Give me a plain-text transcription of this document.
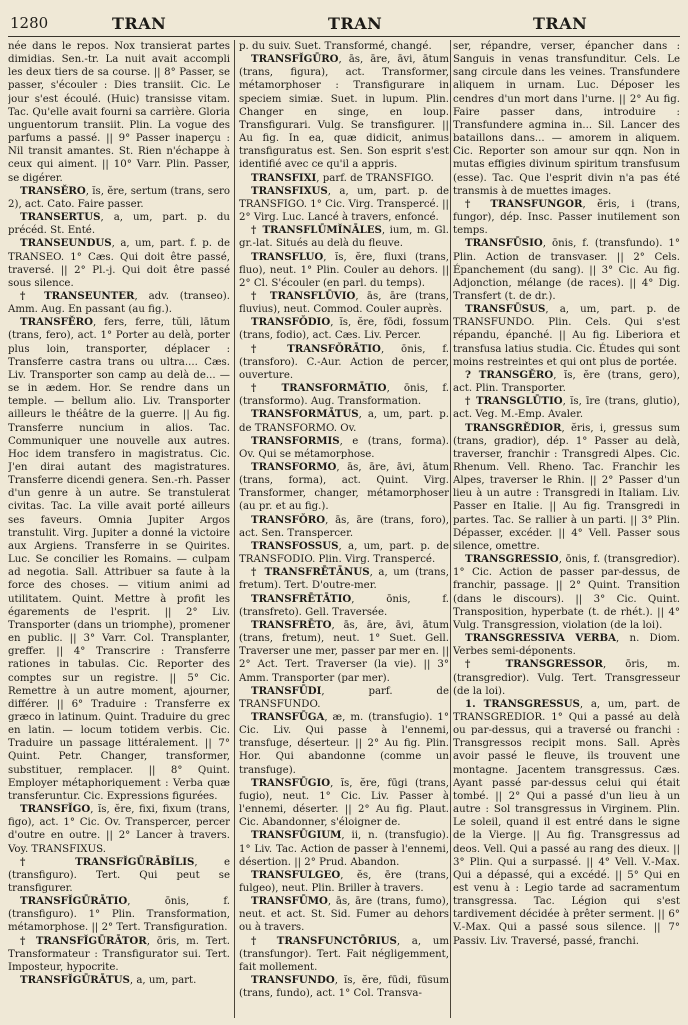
1280	TRAN	TRAN	TRAN

née dans le repos. Nox transierat partes dimidias. Sen.-tr. La nuit avait accompli les deux tiers de sa course. || 8° Passer, se passer, s'écouler : Dies transiit. Cic. Le jour s'est écoulé. (Huic) transisse vitam. Tac. Qu'elle avait fourni sa carrière. Gloria unguentorum transiit. Plin. La vogue des parfums a passé. || 9° Passer inaperçu : Nil transit amantes. St. Rien n'échappe à ceux qui aiment. || 10° Varr. Plin. Passer, se digérer.

TRANSĔRO, ĭs, ĕre, sertum (trans, sero 2), act. Cato. Faire passer.

TRANSERTUS, a, um, part. p. du précéd. St. Enté.

TRANSEUNDUS, a, um, part. f. p. de TRANSEO. 1° Cæs. Qui doit être passé, traversé. || 2° Pl.-j. Qui doit être passé sous silence.

† TRANSEUNTER, adv. (transeo). Amm. Aug. En passant (au fig.).

TRANSFĔRO, fers, ferre, tŭli, lātum (trans, fero), act. 1° Porter au delà, porter plus loin, transporter, déplacer : Transferre castra trans ou ultra.... Cæs. Liv. Transporter son camp au delà de... — se in ædem. Hor. Se rendre dans un temple. — bellum alio. Liv. Transporter ailleurs le théâtre de la guerre. || Au fig. Transferre nuncium in alios. Tac. Communiquer une nouvelle aux autres. Hoc idem transfero in magistratus. Cic. J'en dirai autant des magistratures. Transferre dicendi genera. Sen.-rh. Passer d'un genre à un autre. Se transtulerat civitas. Tac. La ville avait porté ailleurs ses faveurs. Omnia Jupiter Argos transtulit. Virg. Jupiter a donné la victoire aux Argiens. Transferre in se Quirites. Luc. Se concilier les Romains. — culpam ad negotia. Sall. Attribuer sa faute à la force des choses. — vitium animi ad utilitatem. Quint. Mettre à profit les égarements de l'esprit. || 2° Liv. Transporter (dans un triomphe), promener en public. || 3° Varr. Col. Transplanter, greffer. || 4° Transcrire : Transferre rationes in tabulas. Cic. Reporter des comptes sur un registre. || 5° Cic. Remettre à un autre moment, ajourner, différer. || 6° Traduire : Transferre ex græco in latinum. Quint. Traduire du grec en latin. — locum totidem verbis. Cic. Traduire un passage littéralement. || 7° Quint. Petr. Changer, transformer, substituer, remplacer. || 8° Quint. Employer métaphoriquement : Verba quæ transferuntur. Cic. Expressions figurées.

TRANSFĬGO, ĭs, ĕre, fixi, fixum (trans, figo), act. 1° Cic. Ov. Transpercer, percer d'outre en outre. || 2° Lancer à travers. Voy. TRANSFIXUS.

† TRANSFĬGŪRĀBĬLIS, e (transfiguro). Tert. Qui peut se transfigurer.

TRANSFĬGŪRĀTIO, ōnis, f. (transfiguro). 1° Plin. Transformation, métamorphose. || 2° Tert. Transfiguration.

† TRANSFĬGŪRĀTOR, ōris, m. Tert. Transformateur : Transfigurator sui. Tert. Imposteur, hypocrite.

TRANSFĬGŪRĀTUS, a, um, part.

p. du suiv. Suet. Transformé, changé.

TRANSFĬGŪRO, ās, āre, āvi, ātum (trans, figura), act. Transformer, métamorphoser : Transfigurare in speciem simiæ. Suet. in lupum. Plin. Changer en singe, en loup. Transfigurari. Vulg. Se transfigurer. || Au fig. In ea, quæ didicit, animus transfiguratus est. Sen. Son esprit s'est identifié avec ce qu'il a appris.

TRANSFIXI, parf. de TRANSFIGO.

TRANSFIXUS, a, um, part. p. de TRANSFIGO. 1° Cic. Virg. Transpercé. || 2° Virg. Luc. Lancé à travers, enfoncé.

† TRANSFLŪMĬNĀLES, ium, m. Gl. gr.-lat. Situés au delà du fleuve.

TRANSFLUO, ĭs, ĕre, fluxi (trans, fluo), neut. 1° Plin. Couler au dehors. || 2° Cl. S'écouler (en parl. du temps).

† TRANSFLŪVIO, ās, āre (trans, fluvius), neut. Commod. Couler auprès.

TRANSFŎDIO, ĭs, ĕre, fōdi, fossum (trans, fodio), act. Cæs. Liv. Percer.

† TRANSFŎRĀTIO, ōnis, f. (transforo). C.-Aur. Action de percer, ouverture.

† TRANSFORMĀTIO, ōnis, f. (transformo). Aug. Transformation.

TRANSFORMĀTUS, a, um, part. p. de TRANSFORMO. Ov.

TRANSFORMIS, e (trans, forma). Ov. Qui se métamorphose.

TRANSFORMO, ās, āre, āvi, ātum (trans, forma), act. Quint. Virg. Transformer, changer, métamorphoser (au pr. et au fig.).

TRANSFŎRO, ās, āre (trans, foro), act. Sen. Transpercer.

TRANSFOSSUS, a, um, part. p. de TRANSFODIO. Plin. Virg. Transpercé.

† TRANSFRĒTĀNUS, a, um (trans, fretum). Tert. D'outre-mer.

TRANSFRĒTĀTIO, ōnis, f. (transfreto). Gell. Traversée.

TRANSFRĒTO, ās, āre, āvi, ātum (trans, fretum), neut. 1° Suet. Gell. Traverser une mer, passer par mer en. || 2° Act. Tert. Traverser (la vie). || 3° Amm. Transporter (par mer).

TRANSFŪDI, parf. de TRANSFUNDO.

TRANSFŪGA, æ, m. (transfugio). 1° Cic. Liv. Qui passe à l'ennemi, transfuge, déserteur. || 2° Au fig. Plin. Hor. Qui abandonne (comme un transfuge).

TRANSFŪGIO, ĭs, ĕre, fūgi (trans, fugio), neut. 1° Cic. Liv. Passer à l'ennemi, déserter. || 2° Au fig. Plaut. Cic. Abandonner, s'éloigner de.

TRANSFŪGIUM, ii, n. (transfugio). 1° Liv. Tac. Action de passer à l'ennemi, désertion. || 2° Prud. Abandon.

TRANSFULGEO, ĕs, ēre (trans, fulgeo), neut. Plin. Briller à travers.

TRANSFŪMO, ās, āre (trans, fumo), neut. et act. St. Sid. Fumer au dehors ou à travers.

† TRANSFUNCTŌRIUS, a, um (transfungor). Tert. Fait négligemment, fait mollement.

TRANSFUNDO, ĭs, ĕre, fūdi, fūsum (trans, fundo), act. 1° Col. Transva-

ser, répandre, verser, épancher dans : Sanguis in venas transfunditur. Cels. Le sang circule dans les veines. Transfundere aliquem in urnam. Luc. Déposer les cendres d'un mort dans l'urne. || 2° Au fig. Faire passer dans, introduire : Transfundere agmina in... Sil. Lancer des bataillons dans... — amorem in aliquem. Cic. Reporter son amour sur qqn. Non in mutas effigies divinum spiritum transfusum (esse). Tac. Que l'esprit divin n'a pas été transmis à de muettes images.

† TRANSFUNGOR, ĕris, i (trans, fungor), dép. Insc. Passer inutilement son temps.

TRANSFŪSIO, ōnis, f. (transfundo). 1° Plin. Action de transvaser. || 2° Cels. Épanchement (du sang). || 3° Cic. Au fig. Adjonction, mélange (de races). || 4° Dig. Transfert (t. de dr.).

TRANSFŪSUS, a, um, part. p. de TRANSFUNDO. Plin. Cels. Qui s'est répandu, épanché. || Au fig. Liberiora et transfusa latius studia. Cic. Études qui sont moins restreintes et qui ont plus de portée.

? TRANSGĔRO, ĭs, ĕre (trans, gero), act. Plin. Transporter.

† TRANSGLŪTIO, ĭs, īre (trans, glutio), act. Veg. M.-Emp. Avaler.

TRANSGRĔDIOR, ĕris, i, gressus sum (trans, gradior), dép. 1° Passer au delà, traverser, franchir : Transgredi Alpes. Cic. Rhenum. Vell. Rheno. Tac. Franchir les Alpes, traverser le Rhin. || 2° Passer d'un lieu à un autre : Transgredi in Italiam. Liv. Passer en Italie. || Au fig. Transgredi in partes. Tac. Se rallier à un parti. || 3° Plin. Dépasser, excéder. || 4° Vell. Passer sous silence, omettre.

TRANSGRESSIO, ōnis, f. (transgredior). 1° Cic. Action de passer par-dessus, de franchir, passage. || 2° Quint. Transition (dans le discours). || 3° Cic. Quint. Transposition, hyperbate (t. de rhét.). || 4° Vulg. Transgression, violation (de la loi).

TRANSGRESSIVA VERBA, n. Diom. Verbes semi-déponents.

† TRANSGRESSOR, ōris, m. (transgredior). Vulg. Tert. Transgresseur (de la loi).

1. TRANSGRESSUS, a, um, part. de TRANSGREDIOR. 1° Qui a passé au delà ou par-dessus, qui a traversé ou franchi : Transgressos recipit mons. Sall. Après avoir passé le fleuve, ils trouvent une montagne. Jacentem transgressus. Cæs. Ayant passé par-dessus celui qui était tombé. || 2° Qui a passé d'un lieu à un autre : Sol transgressus in Virginem. Plin. Le soleil, quand il est entré dans le signe de la Vierge. || Au fig. Transgressus ad deos. Vell. Qui a passé au rang des dieux. || 3° Plin. Qui a surpassé. || 4° Vell. V.-Max. Qui a dépassé, qui a excédé. || 5° Qui en est venu à : Legio tarde ad sacramentum transgressa. Tac. Légion qui s'est tardivement décidée à prêter serment. || 6° V.-Max. Qui a passé sous silence. || 7° Passiv. Liv. Traversé, passé, franchi.
